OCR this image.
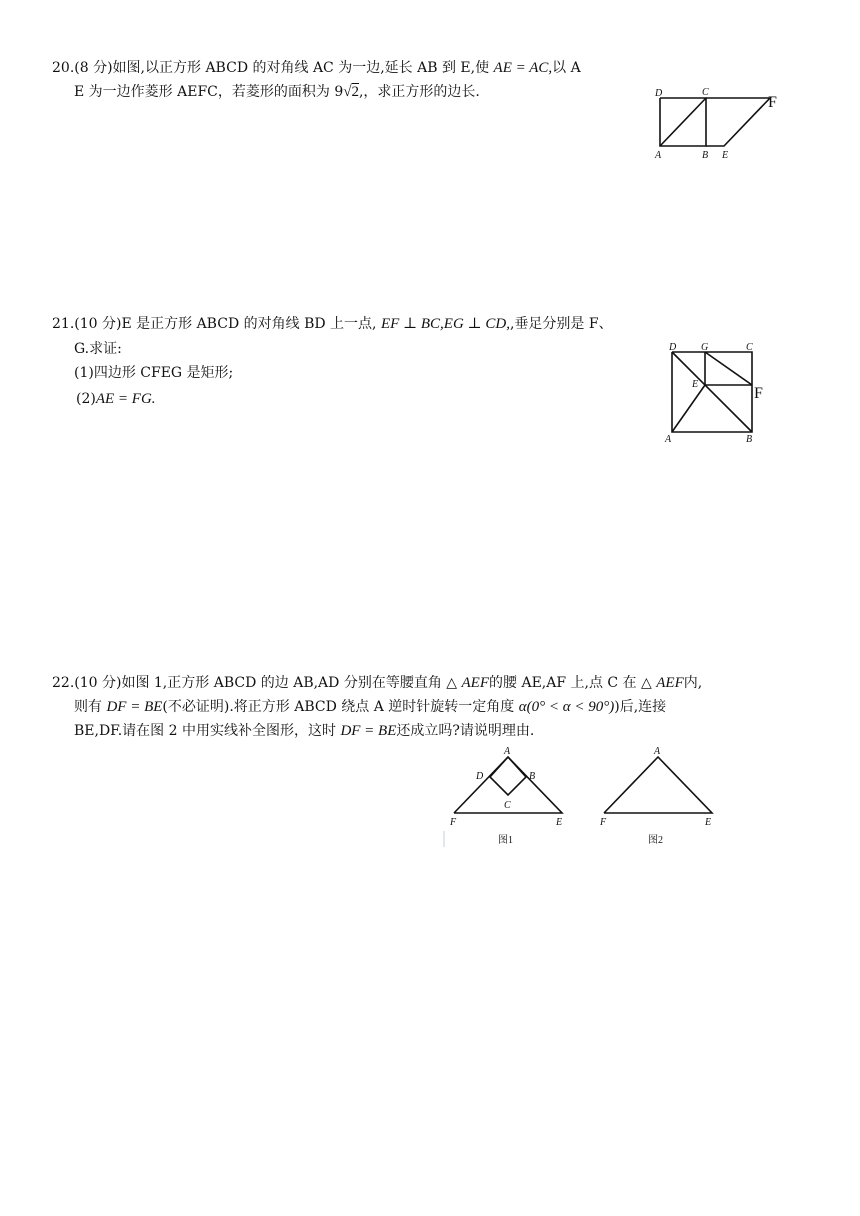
20.(8 分)如图,以正方形 ABCD 的对角线 AC 为一边,延长 AB 到 E,使 AE = AC,以 A
E 为一边作菱形 AEFC，若菱形的面积为 9√2,，求正方形的边长.	D	C
F
A	B E
21.(10 分)E 是正方形 ABCD 的对角线 BD 上一点, EF ⊥ BC,EG ⊥ CD,,垂足分别是 F、
G.求证:
(1)四边形 CFEG 是矩形;
(2)AE = FG.
D G	C
E
F
A	B
22.(10 分)如图 1,正方形 ABCD 的边 AB,AD 分别在等腰直角 △ AEF的腰 AE,AF 上,点 C 在 △ AEF内,
则有 DF = BE(不必证明).将正方形 ABCD 绕点 A 逆时针旋转一定角度 α(0° < α < 90°))后,连接
BE,DF.请在图 2 中用实线补全图形，这时 DF = BE还成立吗?请说明理由.
A
D	B
C
F	E
图1
A
F	E
图2
